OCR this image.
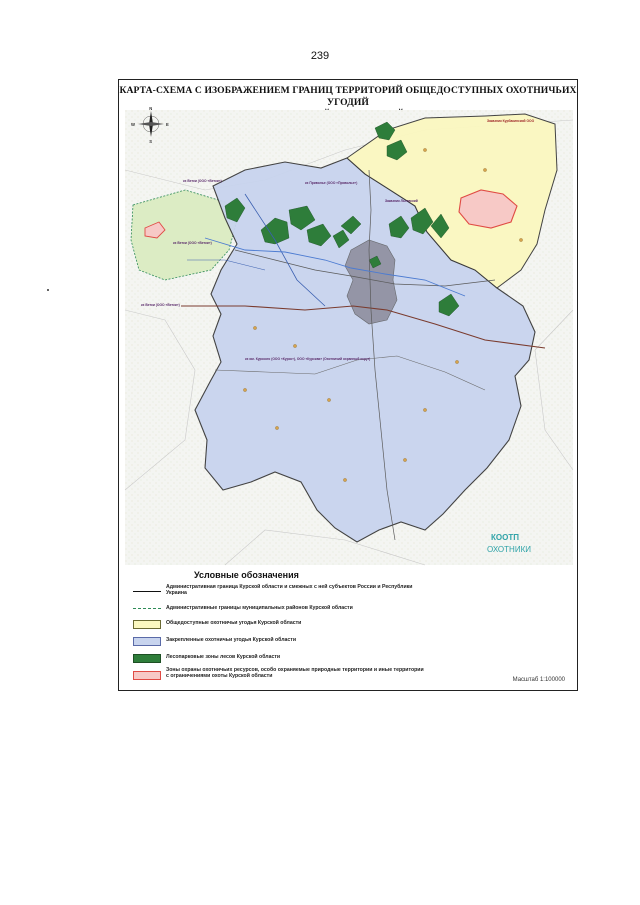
239
КАРТА-СХЕМА С ИЗОБРАЖЕНИЕМ ГРАНИЦ ТЕРРИТОРИЙ ОБЩЕДОСТУПНЫХ ОХОТНИЧЬИХ УГОДИЙ
N
S
W	E
кх Ветки (ООО «Ветки»)	кх Приволье (ООО «Приволье»)
кх Ветки (ООО «Ветки»)
кх Ветки (ООО «Ветки»)
кх им. Курского (ООО «Курск»), ООО «Курская» (Охотничий охранный округ)
Заказник Льговский
Заказник Курбакинский ООО
КООТП
ОХОТНИКИ
Условные обозначения
Административная граница Курской области и смежных с ней субъектов России и Республики Украина
Административные границы муниципальных районов Курской области
Общедоступные охотничьи угодья Курской области
Закрепленные охотничьи угодья Курской области
Лесопарковые зоны лесов Курской области
Зоны охраны охотничьих ресурсов, особо охраняемые природные территории и иные территории с ограничениями охоты Курской области
Масштаб 1:100000
